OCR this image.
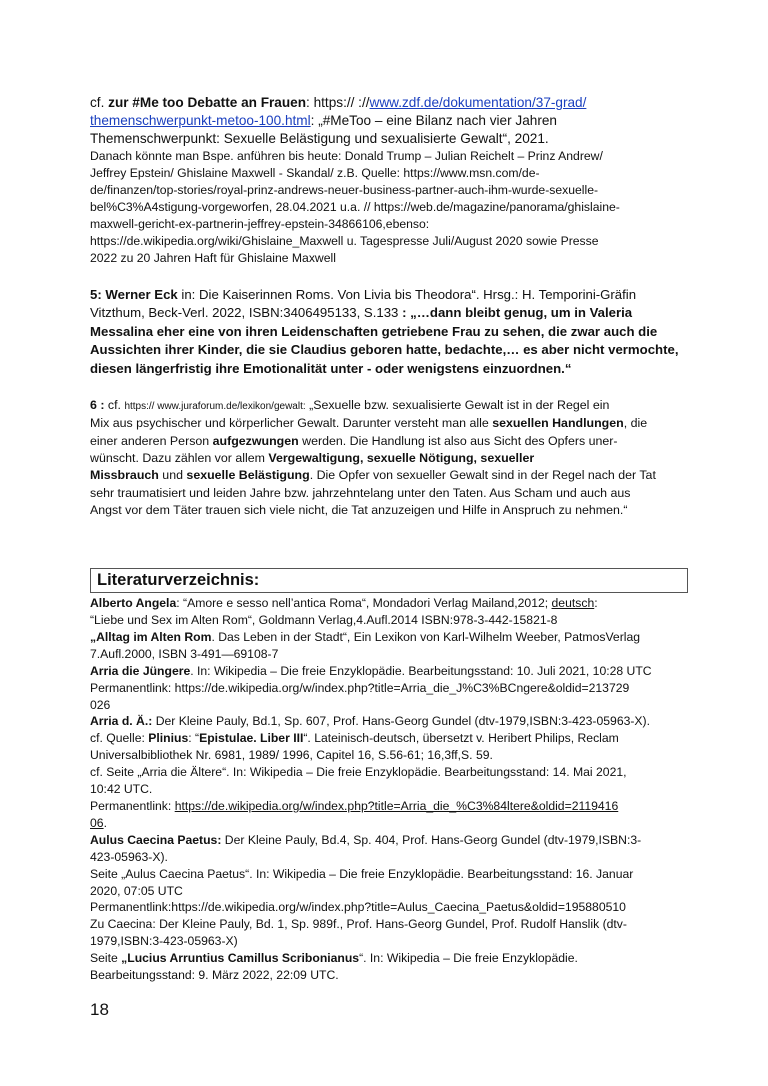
cf. zur #Me too Debatte an Frauen: https:// ://www.zdf.de/dokumentation/37-grad/
themenschwerpunkt-metoo-100.html: „#MeToo – eine Bilanz nach vier Jahren
Themenschwerpunkt: Sexuelle Belästigung und sexualisierte Gewalt“, 2021.

Danach könnte man Bspe. anführen bis heute: Donald Trump – Julian Reichelt – Prinz Andrew/
Jeffrey Epstein/ Ghislaine Maxwell - Skandal/ z.B. Quelle: https://www.msn.com/de-
de/finanzen/top-stories/royal-prinz-andrews-neuer-business-partner-auch-ihm-wurde-sexuelle-
bel%C3%A4stigung-vorgeworfen, 28.04.2021 u.a. // https://web.de/magazine/panorama/ghislaine-
maxwell-gericht-ex-partnerin-jeffrey-epstein-34866106,ebenso:
https://de.wikipedia.org/wiki/Ghislaine_Maxwell u. Tagespresse Juli/August 2020 sowie Presse
2022 zu 20 Jahren Haft für Ghislaine Maxwell

5: Werner Eck in: Die Kaiserinnen Roms. Von Livia bis Theodora“. Hrsg.: H. Temporini-Gräfin
Vitzthum, Beck-Verl. 2022, ISBN:3406495133, S.133 : „…dann bleibt genug, um in Valeria
Messalina eher eine von ihren Leidenschaften getriebene Frau zu sehen, die zwar auch die Aussichten ihrer Kinder, die sie Claudius geboren hatte, bedachte,… es aber nicht vermochte, diesen längerfristig ihre Emotionalität unter - oder wenigstens einzuordnen.“

6 : cf. https:// www.juraforum.de/lexikon/gewalt: „Sexuelle bzw. sexualisierte Gewalt ist in der Regel ein
Mix aus psychischer und körperlicher Gewalt. Darunter versteht man alle sexuellen Handlungen, die
einer anderen Person aufgezwungen werden. Die Handlung ist also aus Sicht des Opfers uner-
wünscht. Dazu zählen vor allem Vergewaltigung, sexuelle Nötigung, sexueller
Missbrauch und sexuelle Belästigung. Die Opfer von sexueller Gewalt sind in der Regel nach der Tat
sehr traumatisiert und leiden Jahre bzw. jahrzehntelang unter den Taten. Aus Scham und auch aus
Angst vor dem Täter trauen sich viele nicht, die Tat anzuzeigen und Hilfe in Anspruch zu nehmen.“

Literaturverzeichnis:

Alberto Angela: “Amore e sesso nell’antica Roma“, Mondadori Verlag Mailand,2012; deutsch:
“Liebe und Sex im Alten Rom“, Goldmann Verlag,4.Aufl.2014 ISBN:978-3-442-15821-8

„Alltag im Alten Rom. Das Leben in der Stadt“, Ein Lexikon von Karl-Wilhelm Weeber, PatmosVerlag
7.Aufl.2000, ISBN 3-491—69108-7

Arria die Jüngere. In: Wikipedia – Die freie Enzyklopädie. Bearbeitungsstand: 10. Juli 2021, 10:28 UTC
Permanentlink: https://de.wikipedia.org/w/index.php?title=Arria_die_J%C3%BCngere&oldid=213729
026

Arria d. Ä.: Der Kleine Pauly, Bd.1, Sp. 607, Prof. Hans-Georg Gundel (dtv-1979,ISBN:3-423-05963-X).
cf. Quelle: Plinius: “Epistulae. Liber III“. Lateinisch-deutsch, übersetzt v. Heribert Philips, Reclam
Universalbibliothek Nr. 6981, 1989/ 1996, Capitel 16, S.56-61; 16,3ff,S. 59.
cf. Seite „Arria die Ältere“. In: Wikipedia – Die freie Enzyklopädie. Bearbeitungsstand: 14. Mai 2021,
10:42 UTC.
Permanentlink: https://de.wikipedia.org/w/index.php?title=Arria_die_%C3%84ltere&oldid=2119416
06.

Aulus Caecina Paetus: Der Kleine Pauly, Bd.4, Sp. 404, Prof. Hans-Georg Gundel (dtv-1979,ISBN:3-
423-05963-X).
Seite „Aulus Caecina Paetus“. In: Wikipedia – Die freie Enzyklopädie. Bearbeitungsstand: 16. Januar
2020, 07:05 UTC
Permanentlink:https://de.wikipedia.org/w/index.php?title=Aulus_Caecina_Paetus&oldid=195880510
Zu Caecina: Der Kleine Pauly, Bd. 1, Sp. 989f., Prof. Hans-Georg Gundel, Prof. Rudolf Hanslik (dtv-
1979,ISBN:3-423-05963-X)

Seite „Lucius Arruntius Camillus Scribonianus“. In: Wikipedia – Die freie Enzyklopädie.
Bearbeitungsstand: 9. März 2022, 22:09 UTC.

18
